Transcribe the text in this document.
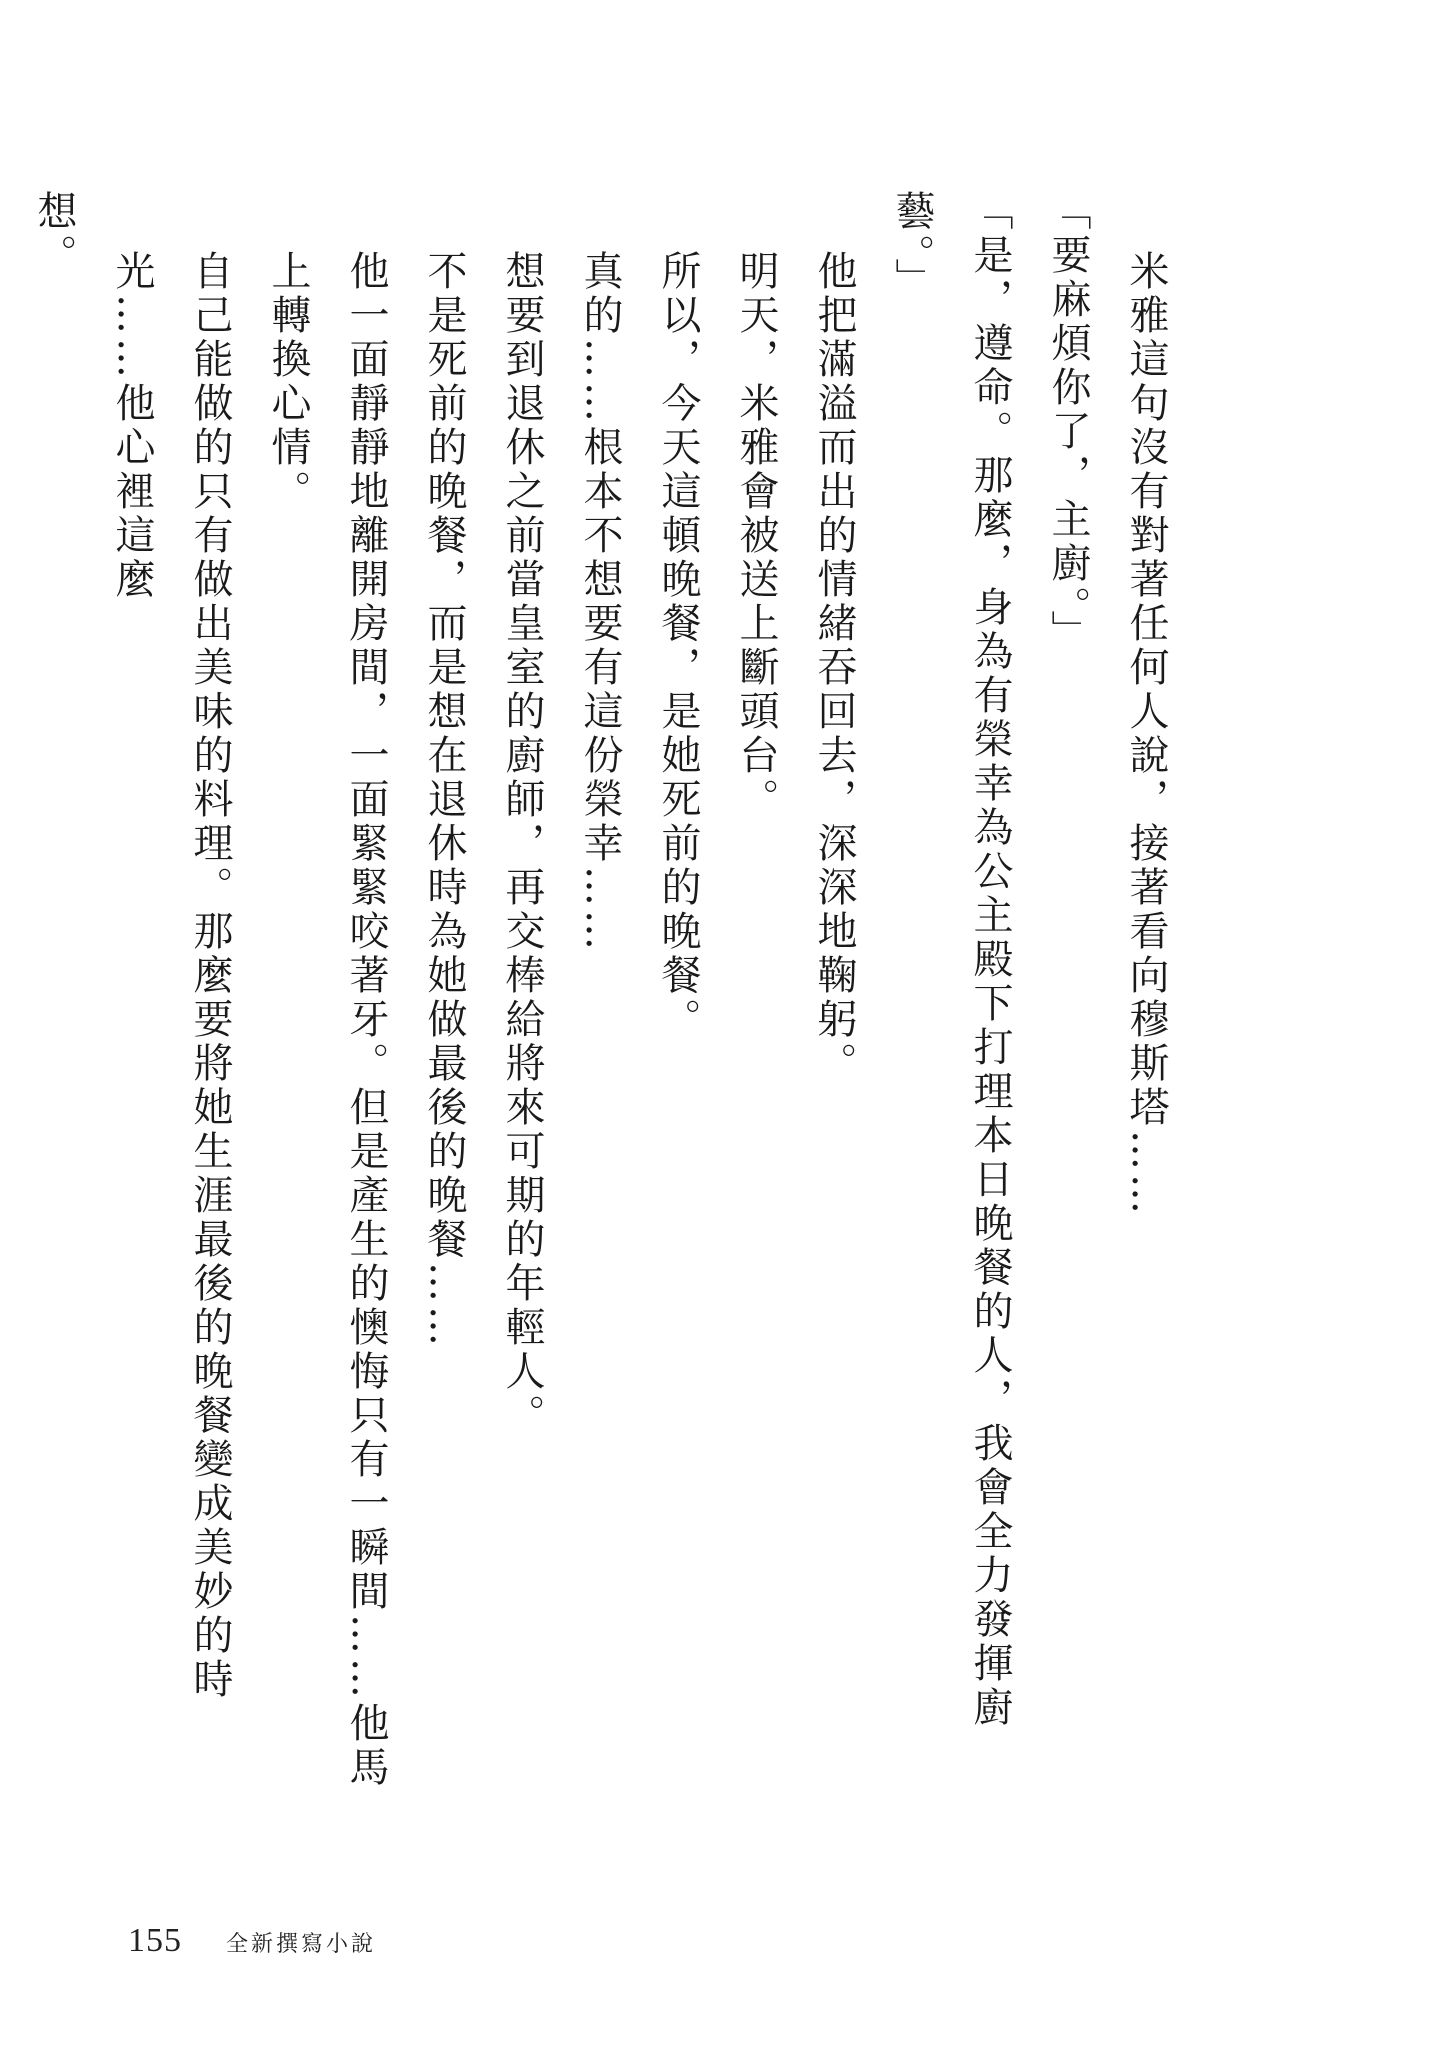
米雅這句沒有對著任何人說，接著看向穆斯塔……

「要麻煩你了，主廚。」

「是，遵命。那麼，身為有榮幸為公主殿下打理本日晚餐的人，我會全力發揮廚藝。」

他把滿溢而出的情緒吞回去，深深地鞠躬。

明天，米雅會被送上斷頭台。

所以，今天這頓晚餐，是她死前的晚餐。

真的……根本不想要有這份榮幸……

想要到退休之前當皇室的廚師，再交棒給將來可期的年輕人。

不是死前的晚餐，而是想在退休時為她做最後的晚餐……

他一面靜靜地離開房間，一面緊緊咬著牙。但是產生的懊悔只有一瞬間……他馬上轉換心情。

自己能做的只有做出美味的料理。那麼要將她生涯最後的晚餐變成美妙的時光……他心裡這麼

想。

155 全新撰寫小說
